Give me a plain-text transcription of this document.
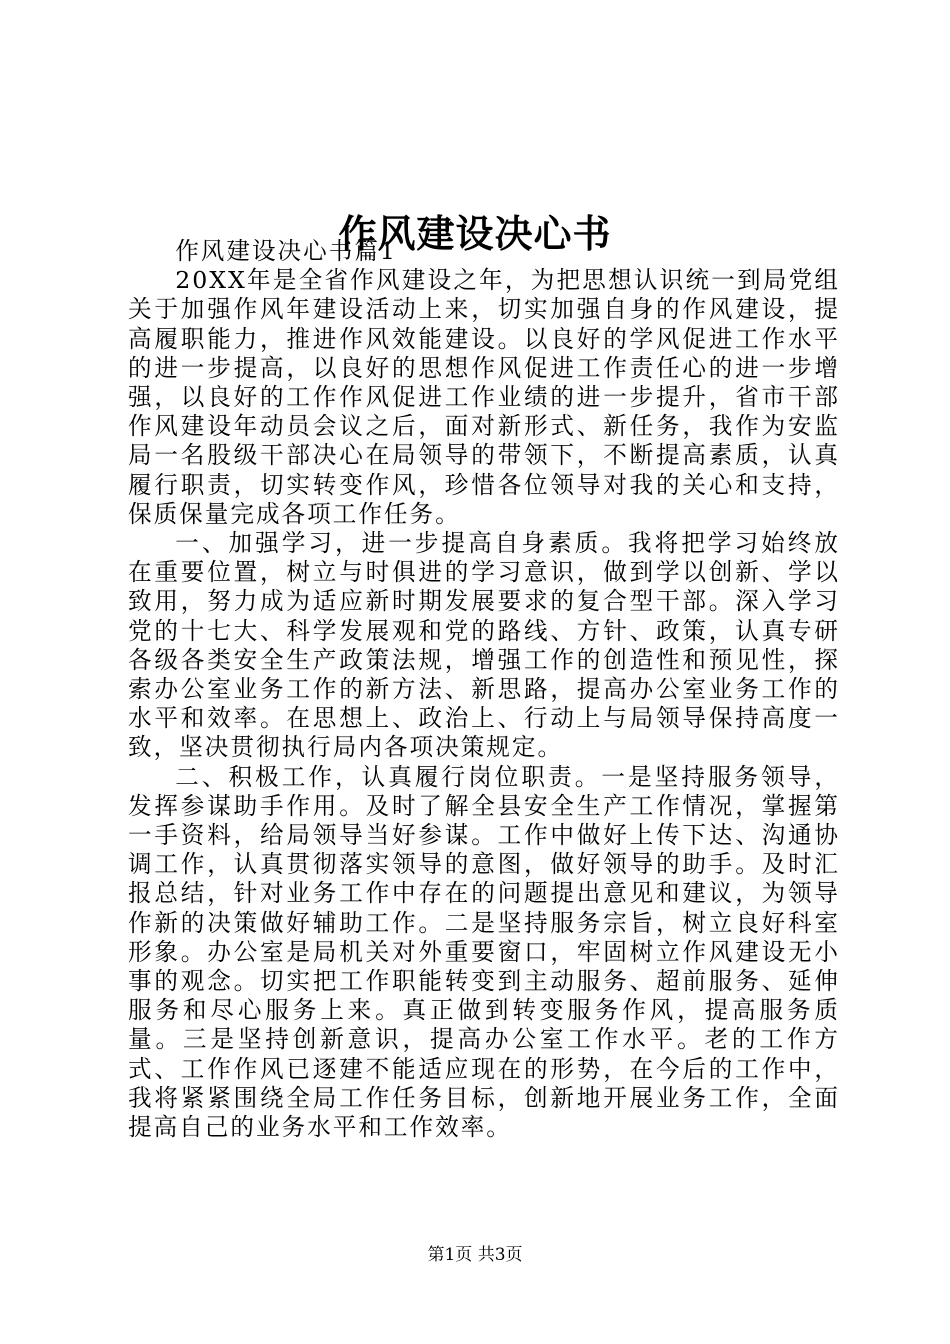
作风建设决心书

作风建设决心书篇1

20XX年是全省作风建设之年，为把思想认识统一到局党组关于加强作风年建设活动上来，切实加强自身的作风建设，提高履职能力，推进作风效能建设。以良好的学风促进工作水平的进一步提高，以良好的思想作风促进工作责任心的进一步增强，以良好的工作作风促进工作业绩的进一步提升，省市干部作风建设年动员会议之后，面对新形式、新任务，我作为安监局一名股级干部决心在局领导的带领下，不断提高素质，认真履行职责，切实转变作风，珍惜各位领导对我的关心和支持，保质保量完成各项工作任务。

一、加强学习，进一步提高自身素质。我将把学习始终放在重要位置，树立与时俱进的学习意识，做到学以创新、学以致用，努力成为适应新时期发展要求的复合型干部。深入学习党的十七大、科学发展观和党的路线、方针、政策，认真专研各级各类安全生产政策法规，增强工作的创造性和预见性，探索办公室业务工作的新方法、新思路，提高办公室业务工作的水平和效率。在思想上、政治上、行动上与局领导保持高度一致，坚决贯彻执行局内各项决策规定。

二、积极工作，认真履行岗位职责。一是坚持服务领导，发挥参谋助手作用。及时了解全县安全生产工作情况，掌握第一手资料，给局领导当好参谋。工作中做好上传下达、沟通协调工作，认真贯彻落实领导的意图，做好领导的助手。及时汇报总结，针对业务工作中存在的问题提出意见和建议，为领导作新的决策做好辅助工作。二是坚持服务宗旨，树立良好科室形象。办公室是局机关对外重要窗口，牢固树立作风建设无小事的观念。切实把工作职能转变到主动服务、超前服务、延伸服务和尽心服务上来。真正做到转变服务作风，提高服务质量。三是坚持创新意识，提高办公室工作水平。老的工作方式、工作作风已逐建不能适应现在的形势，在今后的工作中，我将紧紧围绕全局工作任务目标，创新地开展业务工作，全面提高自己的业务水平和工作效率。

第1页 共3页
